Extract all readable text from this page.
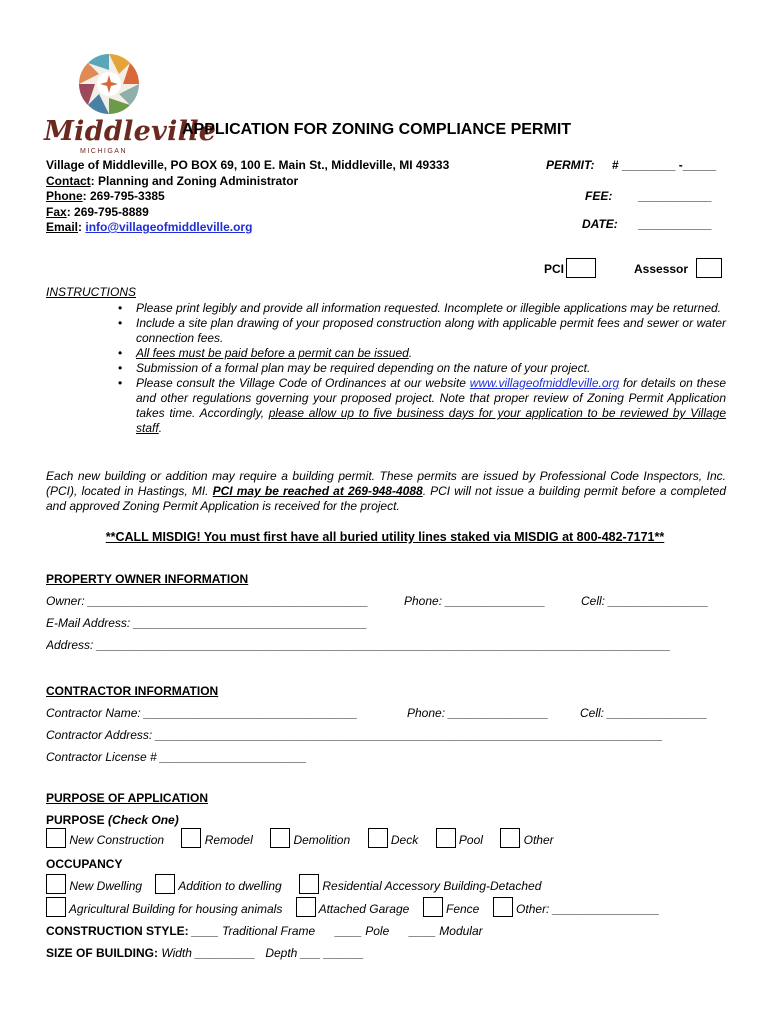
Middleville
MICHIGAN
APPLICATION FOR ZONING COMPLIANCE PERMIT
Village of Middleville, PO BOX 69, 100 E. Main St., Middleville, MI 49333
Contact: Planning and Zoning Administrator
Phone: 269-795-3385
Fax: 269-795-8889
Email: info@villageofmiddleville.org
PERMIT: # ________ -_____
FEE: ___________
DATE: ___________
PCI	Assessor
INSTRUCTIONS
• Please print legibly and provide all information requested. Incomplete or illegible applications may be returned.
• Include a site plan drawing of your proposed construction along with applicable permit fees and sewer or water connection fees.
• All fees must be paid before a permit can be issued.
• Submission of a formal plan may be required depending on the nature of your project.
• Please consult the Village Code of Ordinances at our website www.villageofmiddleville.org for details on these and other regulations governing your proposed project. Note that proper review of Zoning Permit Application takes time. Accordingly, please allow up to five business days for your application to be reviewed by Village staff.
Each new building or addition may require a building permit. These permits are issued by Professional Code Inspectors, Inc. (PCI), located in Hastings, MI. PCI may be reached at 269-948-4088. PCI will not issue a building permit before a completed and approved Zoning Permit Application is received for the project.
**CALL MISDIG! You must first have all buried utility lines staked via MISDIG at 800-482-7171**
PROPERTY OWNER INFORMATION
Owner: __________________________________________	Phone: _______________	Cell: _______________
E-Mail Address: ___________________________________
Address: ______________________________________________________________________________________
CONTRACTOR INFORMATION
Contractor Name: ________________________________	Phone: _______________	Cell: _______________
Contractor Address: ____________________________________________________________________________
Contractor License # ______________________
PURPOSE OF APPLICATION
PURPOSE (Check One)
New Construction	Remodel	Demolition	Deck	Pool	Other
OCCUPANCY
New Dwelling	Addition to dwelling	Residential Accessory Building-Detached
Agricultural Building for housing animals	Attached Garage	Fence	Other: ________________
CONSTRUCTION STYLE: ____ Traditional Frame      ____ Pole      ____ Modular
SIZE OF BUILDING: Width _________   Depth ___ ______
